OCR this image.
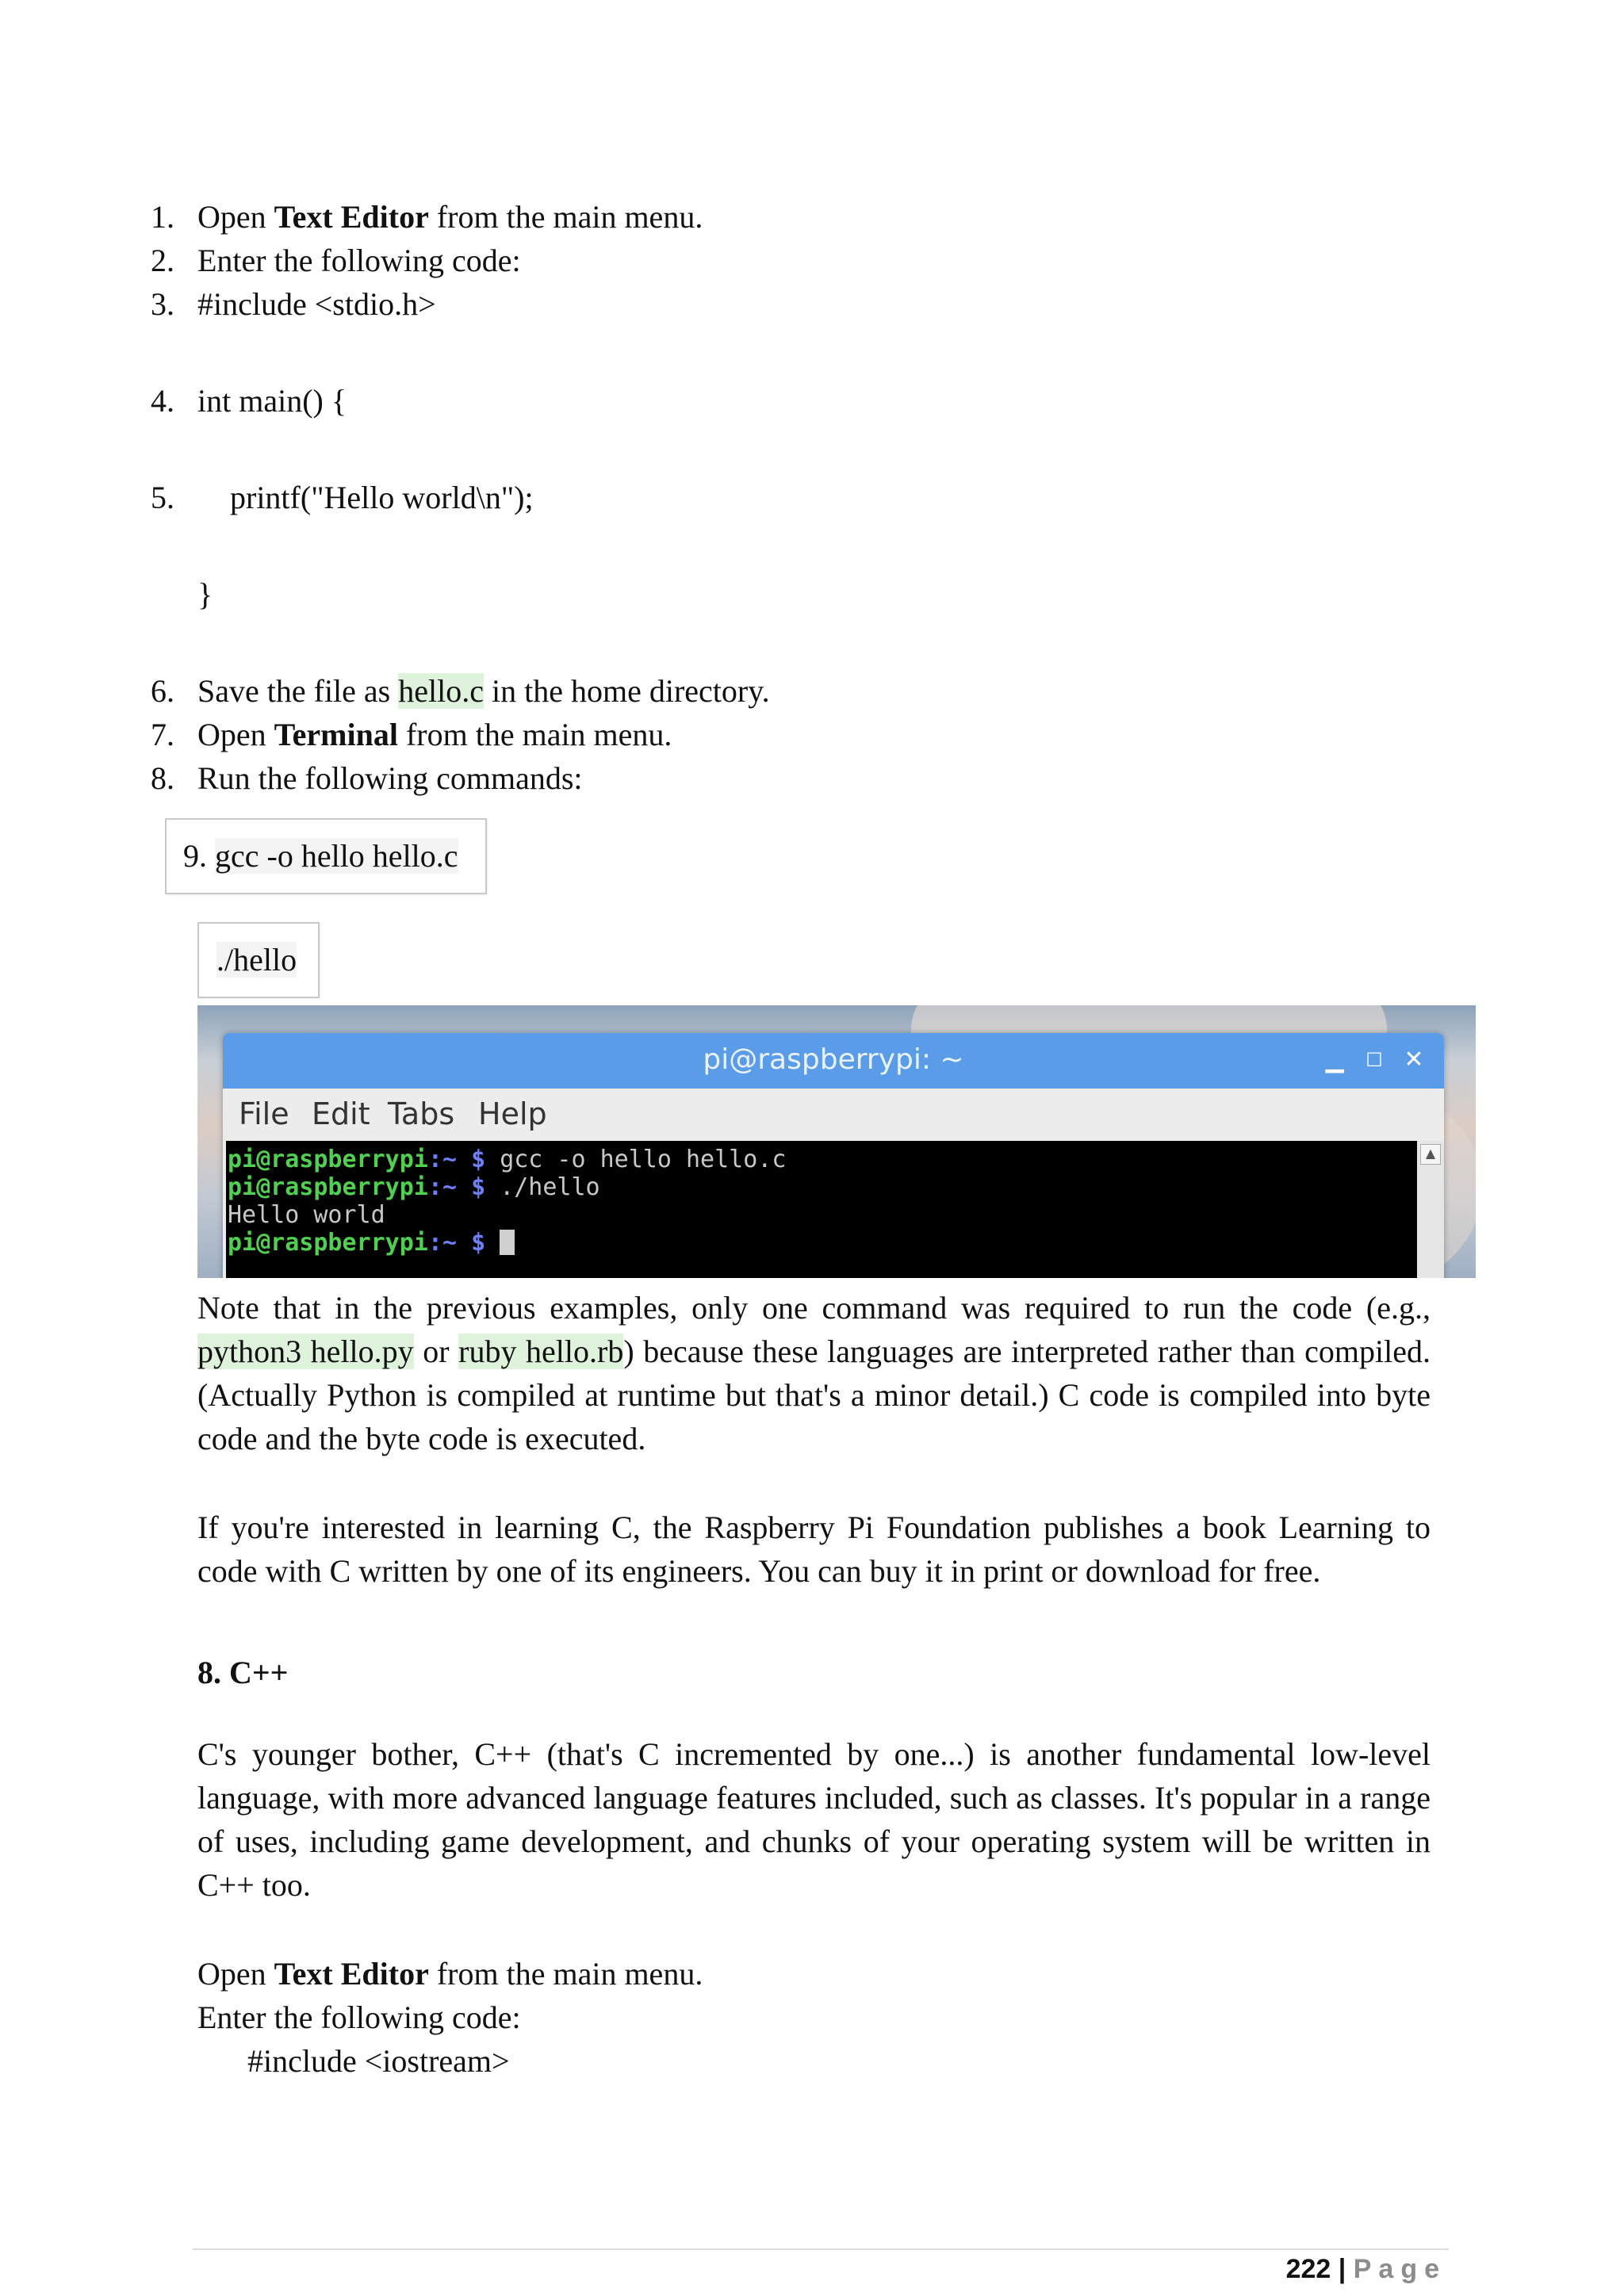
1. Open Text Editor from the main menu.
2. Enter the following code:
3. #include <stdio.h>
4. int main() {
5. printf("Hello world\n");
}
6. Save the file as hello.c in the home directory.
7. Open Terminal from the main menu.
8. Run the following commands:
9. gcc -o hello hello.c
./hello
pi@raspberrypi: ~	▁	☐ ✕
File Edit Tabs Help
pi@raspberrypi:~ $ gcc -o hello hello.c
pi@raspberrypi:~ $ ./hello
Hello world
pi@raspberrypi:~ $
▲
Note that in the previous examples, only one command was required to run the code (e.g., python3 hello.py or ruby hello.rb) because these languages are interpreted rather than compiled. (Actually Python is compiled at runtime but that's a minor detail.) C code is compiled into byte code and the byte code is executed.
If you're interested in learning C, the Raspberry Pi Foundation publishes a book Learning to code with C written by one of its engineers. You can buy it in print or download for free.
8. C++
C's younger bother, C++ (that's C incremented by one...) is another fundamental low-level language, with more advanced language features included, such as classes. It's popular in a range of uses, including game development, and chunks of your operating system will be written in C++ too.
Open Text Editor from the main menu.
Enter the following code:
#include <iostream>
222 | Page
